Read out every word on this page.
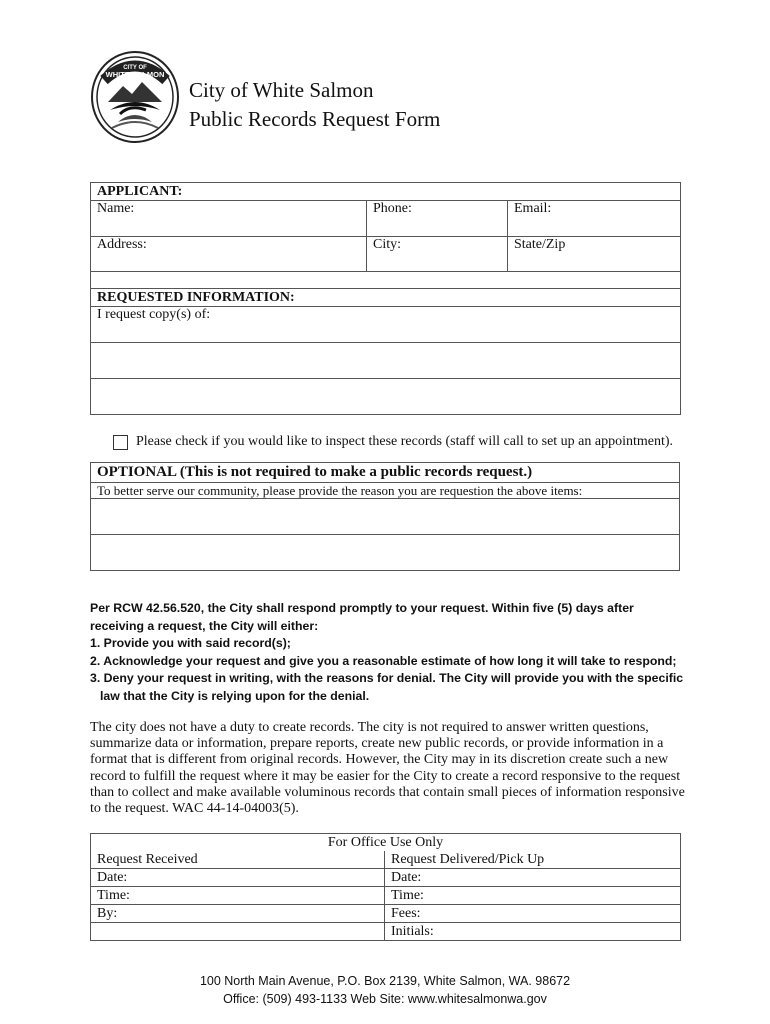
CITY OF
WHITE SALMON
City of White Salmon
Public Records Request Form
APPLICANT:		
Name:	Phone:	Email:
Address:	City:	State/Zip

REQUESTED INFORMATION:		
I request copy(s) of:		

Please check if you would like to inspect these records (staff will call to set up an appointment).
OPTIONAL (This is not required to make a public records request.)
To better serve our community, please provide the reason you are requestion the above items:

Per RCW 42.56.520, the City shall respond promptly to your request. Within five (5) days after
receiving a request, the City will either:
1. Provide you with said record(s);
2. Acknowledge your request and give you a reasonable estimate of how long it will take to respond;
3. Deny your request in writing, with the reasons for denial. The City will provide you with the specific
law that the City is relying upon for the denial.
The city does not have a duty to create records. The city is not required to answer written questions,
summarize data or information, prepare reports, create new public records, or provide information in a
format that is different from original records. However, the City may in its discretion create such a new
record to fulfill the request where it may be easier for the City to create a record responsive to the request
than to collect and make available voluminous records that contain small pieces of information responsive
to the request. WAC 44-14-04003(5).
For Office Use Only	
Request Received	Request Delivered/Pick Up
Date:	Date:
Time:	Time:
By:	Fees:
	Initials:
100 North Main Avenue, P.O. Box 2139, White Salmon, WA. 98672
Office: (509) 493-1133 Web Site: www.whitesalmonwa.gov
